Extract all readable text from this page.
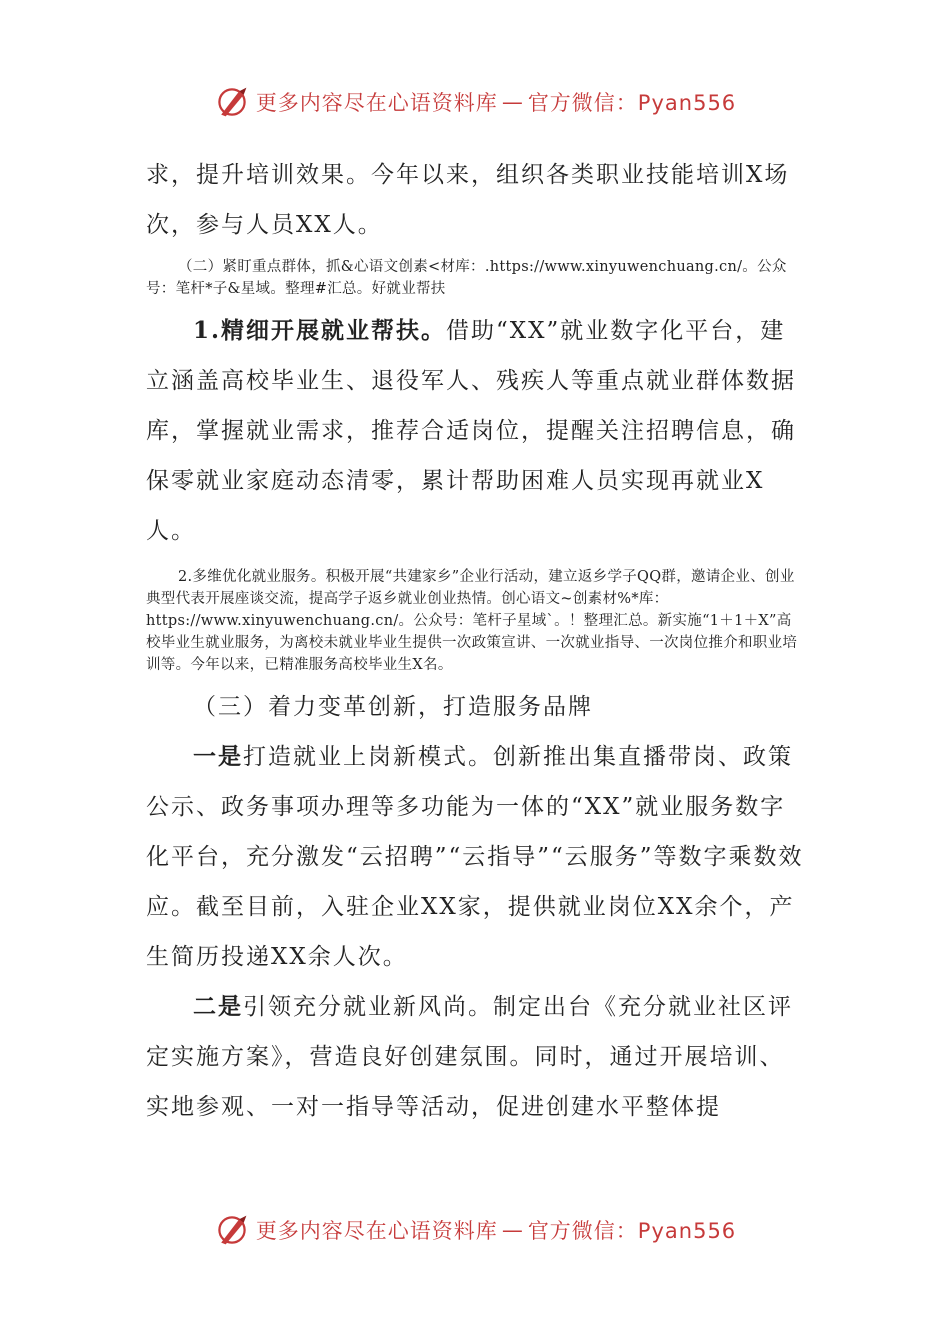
更多内容尽在心语资料库 — 官方微信：Pyan556

求，提升培训效果。今年以来，组织各类职业技能培训X场次，参与人员XX人。

（二）紧盯重点群体，抓&心语文创素<材库：.https://www.xinyuwenchuang.cn/。公众号：笔杆*子&星域。整理#汇总。好就业帮扶

1.精细开展就业帮扶。借助“XX”就业数字化平台，建立涵盖高校毕业生、退役军人、残疾人等重点就业群体数据库，掌握就业需求，推荐合适岗位，提醒关注招聘信息，确保零就业家庭动态清零，累计帮助困难人员实现再就业X人。

2.多维优化就业服务。积极开展“共建家乡”企业行活动，建立返乡学子QQ群，邀请企业、创业典型代表开展座谈交流，提高学子返乡就业创业热情。创心语文~创素材%*库：https://www.xinyuwenchuang.cn/。公众号：笔杆子星域`。！整理汇总。新实施“1＋1＋X”高校毕业生就业服务，为离校未就业毕业生提供一次政策宣讲、一次就业指导、一次岗位推介和职业培训等。今年以来，已精准服务高校毕业生X名。

（三）着力变革创新，打造服务品牌

一是打造就业上岗新模式。创新推出集直播带岗、政策公示、政务事项办理等多功能为一体的“XX”就业服务数字化平台，充分激发“云招聘”“云指导”“云服务”等数字乘数效应。截至目前，入驻企业XX家，提供就业岗位XX余个，产生简历投递XX余人次。

二是引领充分就业新风尚。制定出台《充分就业社区评定实施方案》，营造良好创建氛围。同时，通过开展培训、实地参观、一对一指导等活动，促进创建水平整体提

更多内容尽在心语资料库 — 官方微信：Pyan556
